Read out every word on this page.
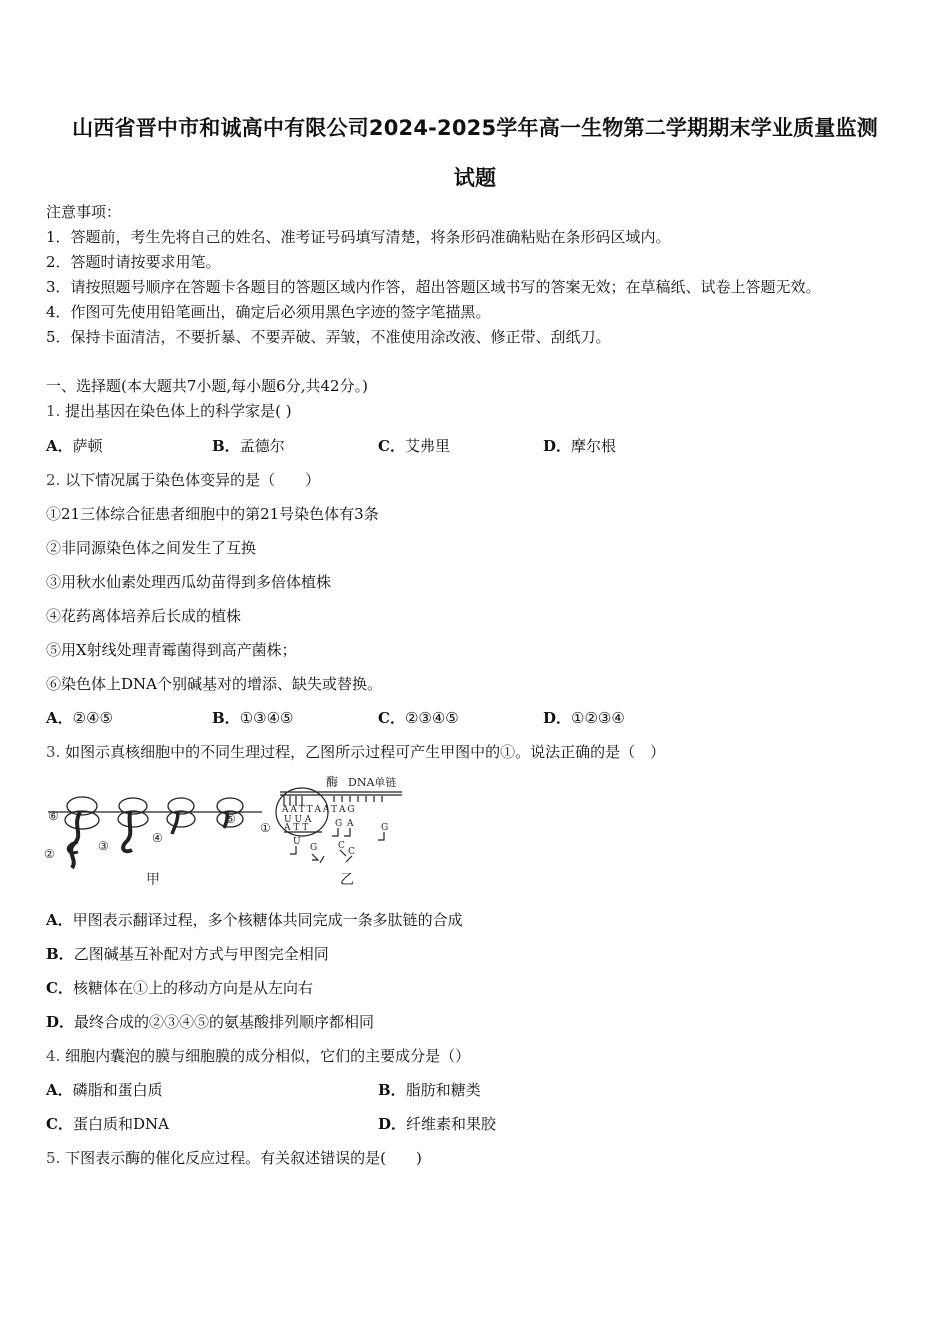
山西省晋中市和诚高中有限公司2024-2025学年高一生物第二学期期末学业质量监测
试题
注意事项：
1．答题前，考生先将自己的姓名、准考证号码填写清楚，将条形码准确粘贴在条形码区域内。
2．答题时请按要求用笔。
3．请按照题号顺序在答题卡各题目的答题区域内作答，超出答题区域书写的答案无效；在草稿纸、试卷上答题无效。
4．作图可先使用铅笔画出，确定后必须用黑色字迹的签字笔描黑。
5．保持卡面清洁，不要折暴、不要弄破、弄皱，不准使用涂改液、修正带、刮纸刀。
一、选择题(本大题共7小题,每小题6分,共42分。)
1. 提出基因在染色体上的科学家是( )
A．萨顿	B．孟德尔	C．艾弗里	D．摩尔根
2. 以下情况属于染色体变异的是（　　）
①21三体综合征患者细胞中的第21号染色体有3条
②非同源染色体之间发生了互换
③用秋水仙素处理西瓜幼苗得到多倍体植株
④花药离体培养后长成的植株
⑤用X射线处理青霉菌得到高产菌株；
⑥染色体上DNA个别碱基对的增添、缺失或替换。
A．②④⑤	B．①③④⑤	C．②③④⑤	D．①②③④
3. 如图示真核细胞中的不同生理过程，乙图所示过程可产生甲图中的①。说法正确的是（　）
⑥
②
③
④
⑤
①
甲
酶 DNA单链
A A T T A A T A G
U U A
A T T	G A	G
U
G C
C
乙
A．甲图表示翻译过程，多个核糖体共同完成一条多肽链的合成
B．乙图碱基互补配对方式与甲图完全相同
C．核糖体在①上的移动方向是从左向右
D．最终合成的②③④⑤的氨基酸排列顺序都相同
4. 细胞内囊泡的膜与细胞膜的成分相似，它们的主要成分是（）
A．磷脂和蛋白质	B．脂肪和糖类
C．蛋白质和DNA	D．纤维素和果胶
5. 下图表示酶的催化反应过程。有关叙述错误的是(　　)
